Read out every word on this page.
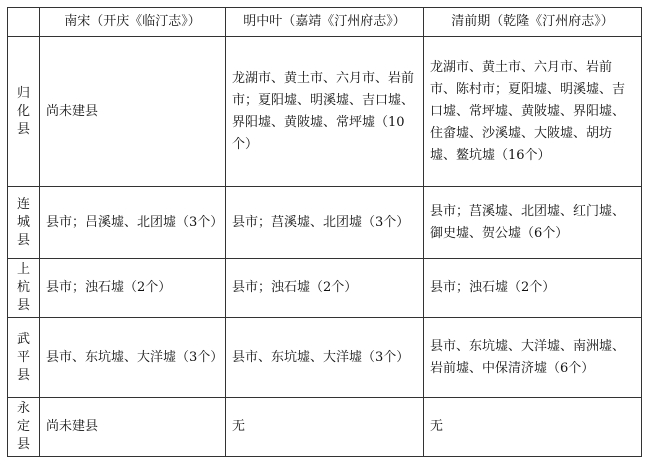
	南宋（开庆《临汀志》）	明中叶（嘉靖《汀州府志》）	清前期（乾隆《汀州府志》）
归化县	尚未建县	龙湖市、黄土市、六月市、岩前市；夏阳墟、明溪墟、吉口墟、界阳墟、黄陂墟、常坪墟（10个）	龙湖市、黄土市、六月市、岩前市、陈村市；夏阳墟、明溪墟、吉口墟、常坪墟、黄陂墟、界阳墟、住畲墟、沙溪墟、大陂墟、胡坊墟、鳌坑墟（16个）
连城县	县市；吕溪墟、北团墟（3个）	县市；莒溪墟、北团墟（3个）	县市；莒溪墟、北团墟、红门墟、御史墟、贺公墟（6个）
上杭县	县市；浊石墟（2个）	县市；浊石墟（2个）	县市；浊石墟（2个）
武平县	县市、东坑墟、大洋墟（3个）	县市、东坑墟、大洋墟（3个）	县市、东坑墟、大洋墟、南洲墟、岩前墟、中保清济墟（6个）
永定县	尚未建县	无	无
